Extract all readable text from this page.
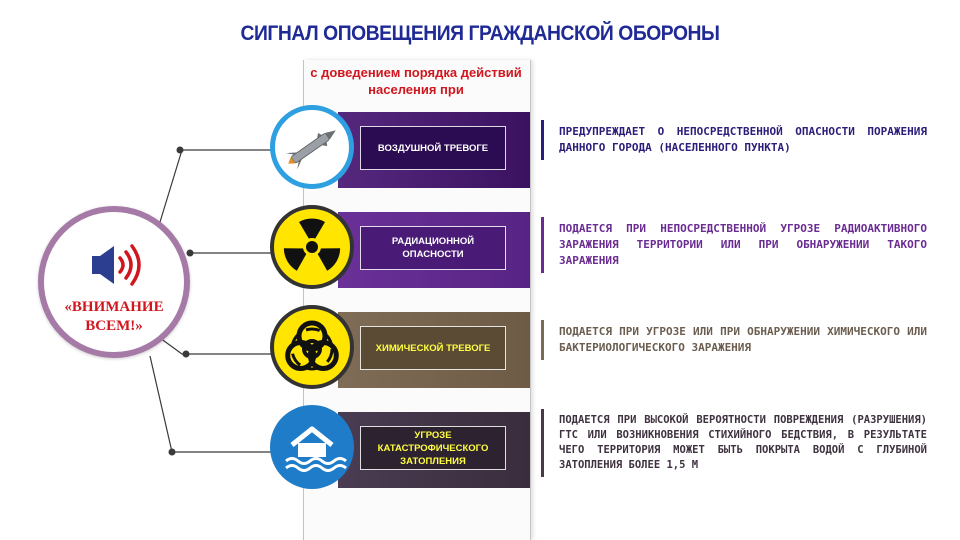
СИГНАЛ ОПОВЕЩЕНИЯ ГРАЖДАНСКОЙ ОБОРОНЫ
с доведением порядка действий населения при
ВОЗДУШНОЙ ТРЕВОГЕ
РАДИАЦИОННОЙ ОПАСНОСТИ
ХИМИЧЕСКОЙ ТРЕВОГЕ
УГРОЗЕ КАТАСТРОФИЧЕСКОГО ЗАТОПЛЕНИЯ
ПРЕДУПРЕЖДАЕТ О НЕПОСРЕДСТВЕННОЙ ОПАСНОСТИ ПОРАЖЕНИЯ ДАННОГО ГОРОДА (НАСЕЛЕННОГО ПУНКТА)
ПОДАЕТСЯ ПРИ НЕПОСРЕДСТВЕННОЙ УГРОЗЕ РАДИОАКТИВНОГО ЗАРАЖЕНИЯ ТЕРРИТОРИИ ИЛИ ПРИ ОБНАРУЖЕНИИ ТАКОГО ЗАРАЖЕНИЯ
ПОДАЕТСЯ ПРИ УГРОЗЕ ИЛИ ПРИ ОБНАРУЖЕНИИ ХИМИЧЕСКОГО ИЛИ БАКТЕРИОЛОГИЧЕСКОГО ЗАРАЖЕНИЯ
ПОДАЕТСЯ ПРИ ВЫСОКОЙ ВЕРОЯТНОСТИ ПОВРЕЖДЕНИЯ (РАЗРУШЕНИЯ) ГТС ИЛИ ВОЗНИКНОВЕНИЯ СТИХИЙНОГО БЕДСТВИЯ, В РЕЗУЛЬТАТЕ ЧЕГО ТЕРРИТОРИЯ МОЖЕТ БЫТЬ ПОКРЫТА ВОДОЙ С ГЛУБИНОЙ ЗАТОПЛЕНИЯ БОЛЕЕ 1,5 М
«ВНИМАНИЕ ВСЕМ!»
